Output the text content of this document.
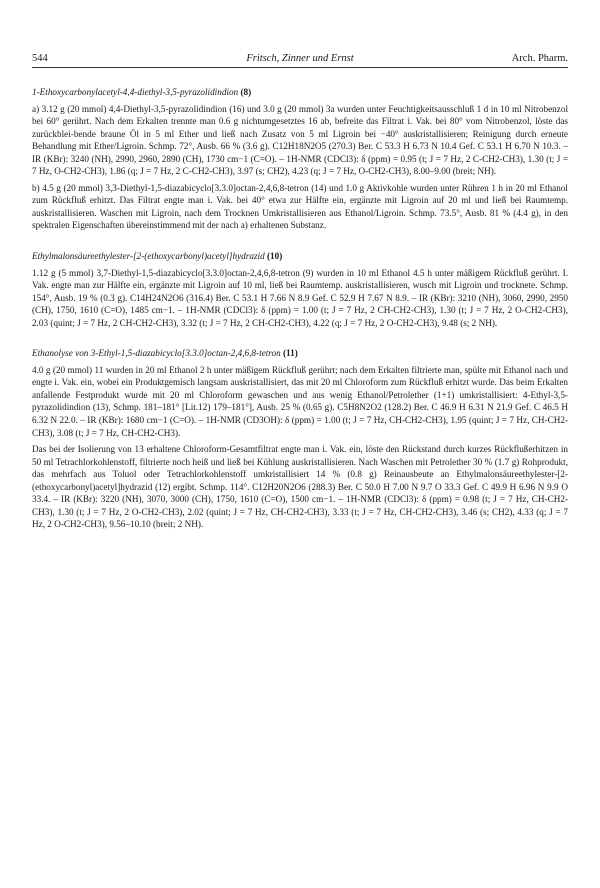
544	Fritsch, Zinner und Ernst	Arch. Pharm.
1-Ethoxycarbonylacetyl-4,4-diethyl-3,5-pyrazolidindion (8)
a) 3.12 g (20 mmol) 4,4-Diethyl-3,5-pyrazolidindion (16) und 3.0 g (20 mmol) 3a wurden unter Feuchtigkeitsausschluß 1 d in 10 ml Nitrobenzol bei 60° gerührt. Nach dem Erkalten trennte man 0.6 g nichtumgesetztes 16 ab, befreite das Filtrat i. Vak. bei 80° vom Nitrobenzol, löste das zurückblei-bende braune Öl in 5 ml Ether und ließ nach Zusatz von 5 ml Ligroin bei −40° auskristallisieren; Reinigung durch erneute Behandlung mit Ether/Ligroin. Schmp. 72°, Ausb. 66 % (3.6 g). C12H18N2O5 (270.3) Ber. C 53.3 H 6.73 N 10.4 Gef. C 53.1 H 6.70 N 10.3. – IR (KBr): 3240 (NH), 2990, 2960, 2890 (CH), 1730 cm−1 (C=O). – 1H-NMR (CDCl3): δ (ppm) = 0.95 (t; J = 7 Hz, 2 C-CH2-CH3), 1.30 (t; J = 7 Hz, O-CH2-CH3), 1.86 (q; J = 7 Hz, 2 C-CH2-CH3), 3.97 (s; CH2), 4.23 (q; J = 7 Hz, O-CH2-CH3), 8.00–9.00 (breit; NH).
b) 4.5 g (20 mmol) 3,3-Diethyl-1,5-diazabicyclo[3.3.0]octan-2,4,6,8-tetron (14) und 1.0 g Aktivkohle wurden unter Rühren 1 h in 20 ml Ethanol zum Rückfluß erhitzt. Das Filtrat engte man i. Vak. bei 40° etwa zur Hälfte ein, ergänzte mit Ligroin auf 20 ml und ließ bei Raumtemp. auskristallisieren. Waschen mit Ligroin, nach dem Trocknen Umkristallisieren aus Ethanol/Ligroin. Schmp. 73.5°, Ausb. 81 % (4.4 g), in den spektralen Eigenschaften übereinstimmend mit der nach a) erhaltenen Substanz.
Ethylmalonsäureethylester-[2-(ethoxycarbonyl)acetyl]hydrazid (10)
1.12 g (5 mmol) 3,7-Diethyl-1,5-diazabicyclo[3.3.0]octan-2,4,6,8-tetron (9) wurden in 10 ml Ethanol 4.5 h unter mäßigem Rückfluß gerührt. I. Vak. engte man zur Hälfte ein, ergänzte mit Ligroin auf 10 ml, ließ bei Raumtemp. auskristallisieren, wusch mit Ligroin und trocknete. Schmp. 154°, Ausb. 19 % (0.3 g). C14H24N2O6 (316.4) Ber. C 53.1 H 7.66 N 8.9 Gef. C 52.9 H 7.67 N 8.9. – IR (KBr): 3210 (NH), 3060, 2990, 2950 (CH), 1750, 1610 (C=O), 1485 cm−1. – 1H-NMR (CDCl3): δ (ppm) = 1.00 (t; J = 7 Hz, 2 CH-CH2-CH3), 1.30 (t; J = 7 Hz, 2 O-CH2-CH3), 2.03 (quint; J = 7 Hz, 2 CH-CH2-CH3), 3.32 (t; J = 7 Hz, 2 CH-CH2-CH3), 4.22 (q; J = 7 Hz, 2 O-CH2-CH3), 9.48 (s; 2 NH).
Ethanolyse von 3-Ethyl-1,5-diazabicyclo[3.3.0]octan-2,4,6,8-tetron (11)
4.0 g (20 mmol) 11 wurden in 20 ml Ethanol 2 h unter mäßigem Rückfluß gerührt; nach dem Erkalten filtrierte man, spülte mit Ethanol nach und engte i. Vak. ein, wobei ein Produktgemisch langsam auskristallisiert, das mit 20 ml Chloroform zum Rückfluß erhitzt wurde. Das beim Erkalten anfallende Festprodukt wurde mit 20 ml Chloroform gewaschen und aus wenig Ethanol/Petrolether (1+1) umkristallisiert: 4-Ethyl-3,5-pyrazolidindion (13), Schmp. 181–181° [Lit.12) 179–181°], Ausb. 25 % (0.65 g). C5H8N2O2 (128.2) Ber. C 46.9 H 6.31 N 21.9 Gef. C 46.5 H 6.32 N 22.0. – IR (KBr): 1680 cm−1 (C=O). – 1H-NMR (CD3OH): δ (ppm) = 1.00 (t; J = 7 Hz, CH-CH2-CH3), 1.95 (quint; J = 7 Hz, CH-CH2-CH3), 3.08 (t; J = 7 Hz, CH-CH2-CH3).
Das bei der Isolierung von 13 erhaltene Chloroform-Gesamtfiltrat engte man i. Vak. ein, löste den Rückstand durch kurzes Rückflußerhitzen in 50 ml Tetrachlorkohlenstoff, filtrierte noch heiß und ließ bei Kühlung auskristallisieren. Nach Waschen mit Petrolether 30 % (1.7 g) Rohprodukt, das mehrfach aus Toluol oder Tetrachlorkohlenstoff umkristallisiert 14 % (0.8 g) Reinausbeute an Ethylmalonsäureethylester-[2-(ethoxycarbonyl)acetyl]hydrazid (12) ergibt. Schmp. 114°. C12H20N2O6 (288.3) Ber. C 50.0 H 7.00 N 9.7 O 33.3 Gef. C 49.9 H 6.96 N 9.9 O 33.4. – IR (KBr): 3220 (NH), 3070, 3000 (CH), 1750, 1610 (C=O), 1500 cm−1. – 1H-NMR (CDCl3): δ (ppm) = 0.98 (t; J = 7 Hz, CH-CH2-CH3), 1.30 (t; J = 7 Hz, 2 O-CH2-CH3), 2.02 (quint; J = 7 Hz, CH-CH2-CH3), 3.33 (t; J = 7 Hz, CH-CH2-CH3), 3.46 (s; CH2), 4.33 (q; J = 7 Hz, 2 O-CH2-CH3), 9.56–10.10 (breit; 2 NH).
